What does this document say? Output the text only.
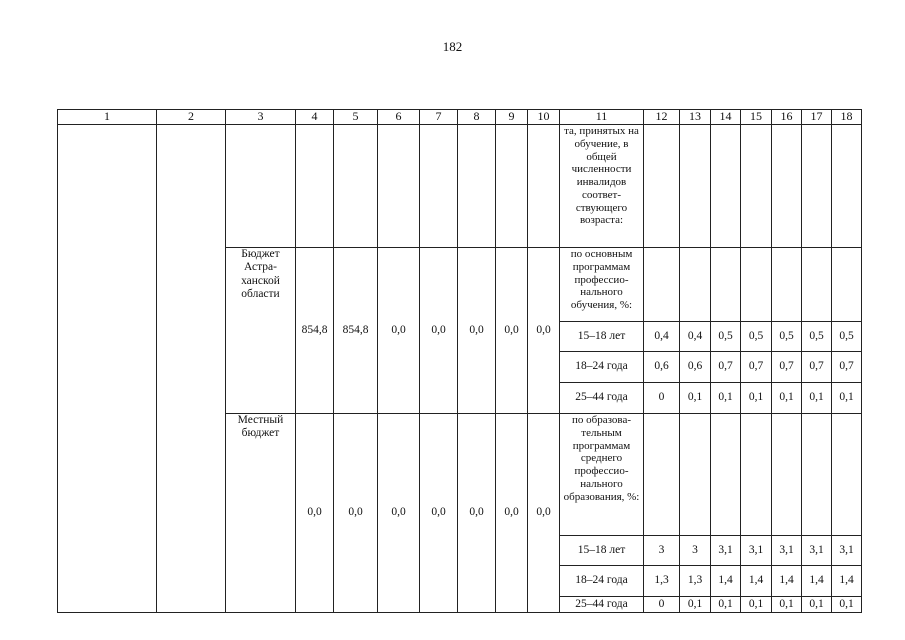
182
1	2	3	4	5	6	7	8	9	10	11	12	13	14	15	16	17	18
										та, принятых на обучение, в общей численности инвалидов соответ-ствующего возраста:							
		Бюджет Астра-ханской области	854,8	854,8	0,0	0,0	0,0	0,0	0,0	по основным программам профессио-нального обучения, %:							
										15–18 лет	0,4	0,4	0,5	0,5	0,5	0,5	0,5
										18–24 года	0,6	0,6	0,7	0,7	0,7	0,7	0,7
										25–44 года	0	0,1	0,1	0,1	0,1	0,1	0,1
		Местный бюджет	0,0	0,0	0,0	0,0	0,0	0,0	0,0	по образова-тельным программам среднего профессио-нального образования, %:							
										15–18 лет	3	3	3,1	3,1	3,1	3,1	3,1
										18–24 года	1,3	1,3	1,4	1,4	1,4	1,4	1,4
										25–44 года	0	0,1	0,1	0,1	0,1	0,1	0,1
